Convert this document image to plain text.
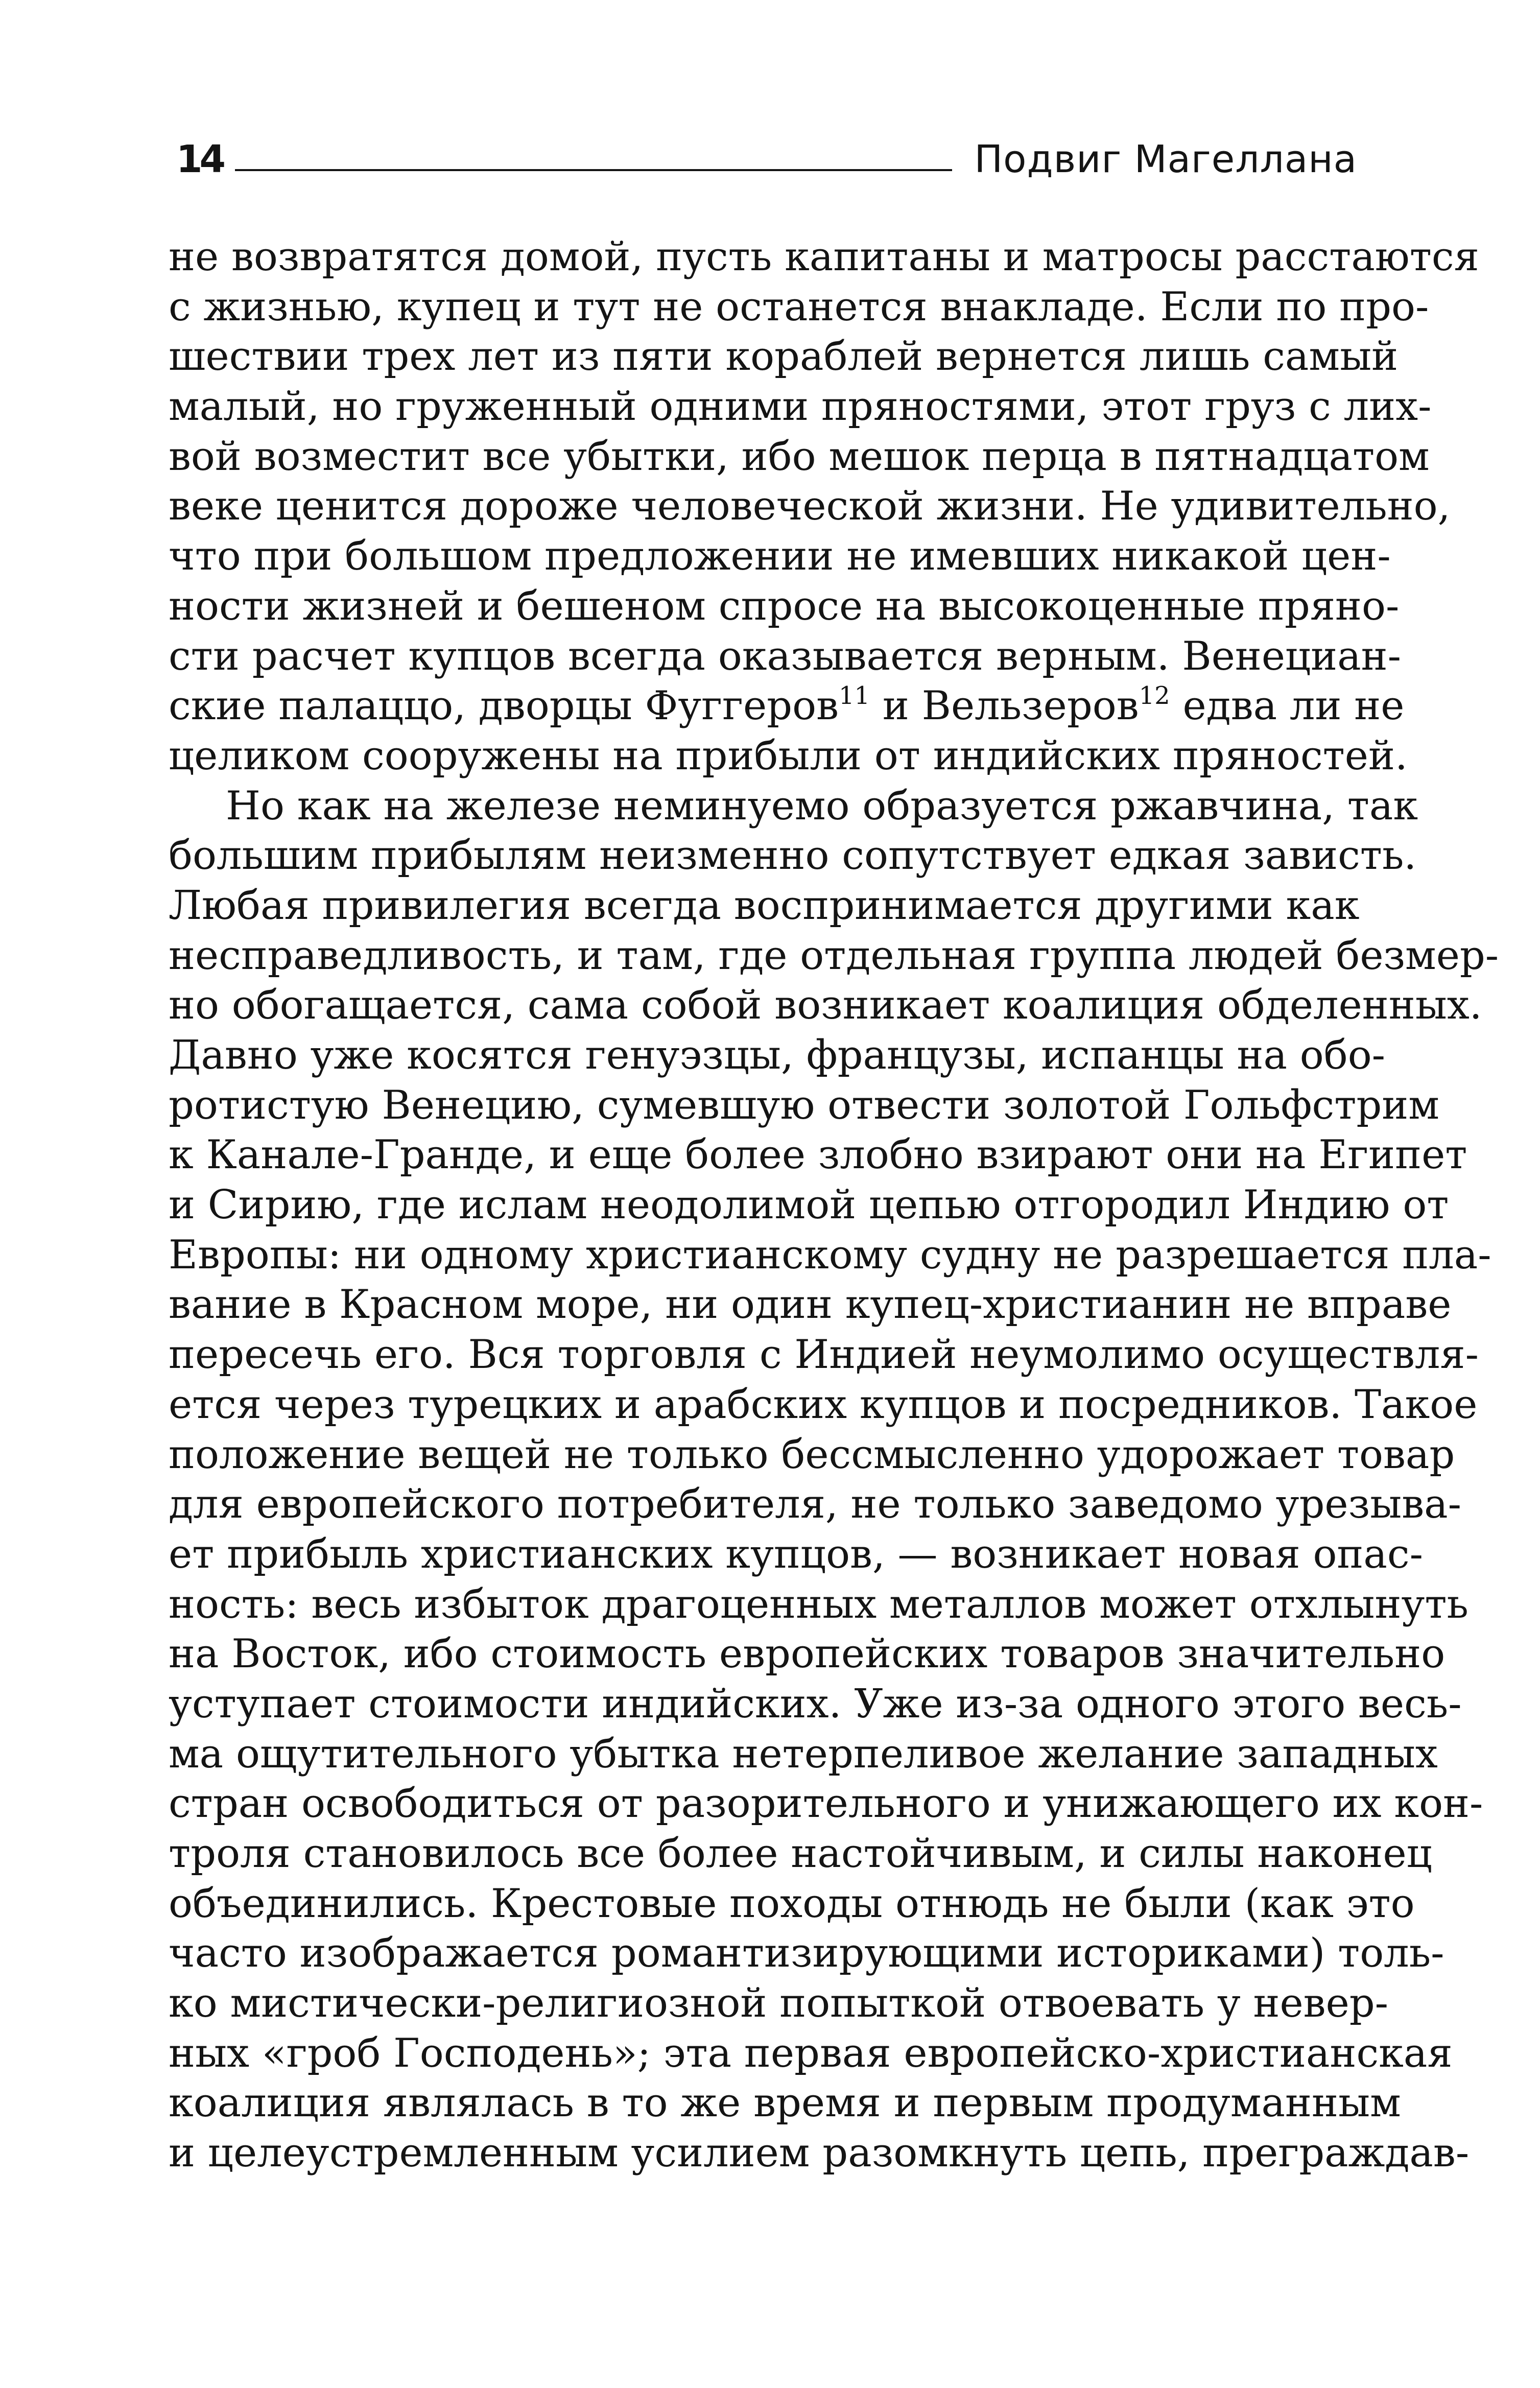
14	Подвиг Магеллана
не возвратятся домой, пусть капитаны и матросы расстаются
с жизнью, купец и тут не останется внакладе. Если по про-
шествии трех лет из пяти кораблей вернется лишь самый
малый, но груженный одними пряностями, этот груз с лих-
вой возместит все убытки, ибо мешок перца в пятнадцатом
веке ценится дороже человеческой жизни. Не удивительно,
что при большом предложении не имевших никакой цен-
ности жизней и бешеном спросе на высокоценные пряно-
сти расчет купцов всегда оказывается верным. Венециан-
ские палаццо, дворцы Фуггеров$^{11}$ и Вельзеров$^{12}$ едва ли не
целиком сооружены на прибыли от индийских пряностей.
Но как на железе неминуемо образуется ржавчина, так
большим прибылям неизменно сопутствует едкая зависть.
Любая привилегия всегда воспринимается другими как
несправедливость, и там, где отдельная группа людей безмер-
но обогащается, сама собой возникает коалиция обделенных.
Давно уже косятся генуэзцы, французы, испанцы на обо-
ротистую Венецию, сумевшую отвести золотой Гольфстрим
к Канале-Гранде, и еще более злобно взирают они на Египет
и Сирию, где ислам неодолимой цепью отгородил Индию от
Европы: ни одному христианскому судну не разрешается пла-
вание в Красном море, ни один купец-христианин не вправе
пересечь его. Вся торговля с Индией неумолимо осуществля-
ется через турецких и арабских купцов и посредников. Такое
положение вещей не только бессмысленно удорожает товар
для европейского потребителя, не только заведомо урезыва-
ет прибыль христианских купцов, — возникает новая опас-
ность: весь избыток драгоценных металлов может отхлынуть
на Восток, ибо стоимость европейских товаров значительно
уступает стоимости индийских. Уже из-за одного этого весь-
ма ощутительного убытка нетерпеливое желание западных
стран освободиться от разорительного и унижающего их кон-
троля становилось все более настойчивым, и силы наконец
объединились. Крестовые походы отнюдь не были (как это
часто изображается романтизирующими историками) толь-
ко мистически-религиозной попыткой отвоевать у невер-
ных «гроб Господень»; эта первая европейско-христианская
коалиция являлась в то же время и первым продуманным
и целеустремленным усилием разомкнуть цепь, преграждав-
